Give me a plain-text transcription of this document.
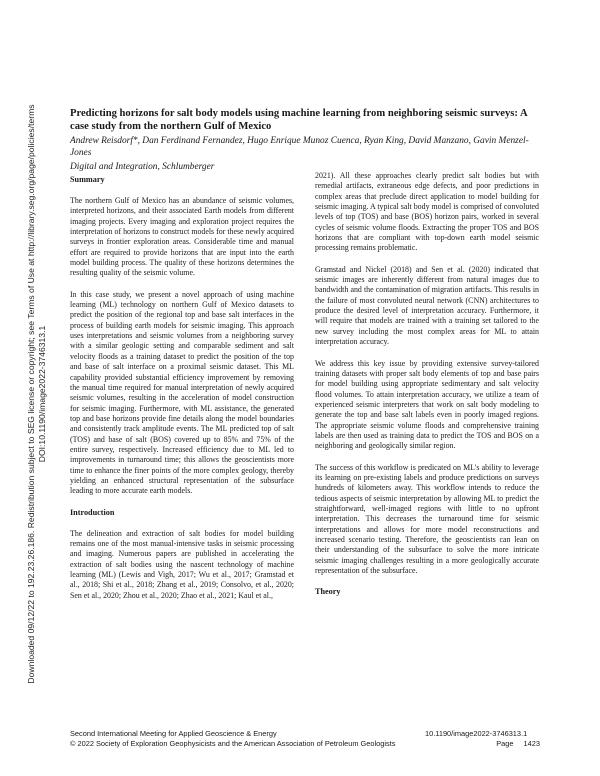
Downloaded 09/12/22 to 192.23.26.186. Redistribution subject to SEG license or copyright; see Terms of Use at http://library.seg.org/page/policies/terms DOI:10.1190/image2022-3746313.1

Predicting horizons for salt body models using machine learning from neighboring seismic surveys: A case study from the northern Gulf of Mexico

Andrew Reisdorf*, Dan Ferdinand Fernandez, Hugo Enrique Munoz Cuenca, Ryan King, David Manzano, Gavin Menzel-Jones

Digital and Integration, Schlumberger

Summary

The northern Gulf of Mexico has an abundance of seismic volumes, interpreted horizons, and their associated Earth models from different imaging projects. Every imaging and exploration project requires the interpretation of horizons to construct models for these newly acquired surveys in frontier exploration areas. Considerable time and manual effort are required to provide horizons that are input into the earth model building process. The quality of these horizons determines the resulting quality of the seismic volume.

In this case study, we present a novel approach of using machine learning (ML) technology on northern Gulf of Mexico datasets to predict the position of the regional top and base salt interfaces in the process of building earth models for seismic imaging. This approach uses interpretations and seismic volumes from a neighboring survey with a similar geologic setting and comparable sediment and salt velocity floods as a training dataset to predict the position of the top and base of salt interface on a proximal seismic dataset. This ML capability provided substantial efficiency improvement by removing the manual time required for manual interpretation of newly acquired seismic volumes, resulting in the acceleration of model construction for seismic imaging. Furthermore, with ML assistance, the generated top and base horizons provide fine details along the model boundaries and consistently track amplitude events. The ML predicted top of salt (TOS) and base of salt (BOS) covered up to 85% and 75% of the entire survey, respectively. Increased efficiency due to ML led to improvements in turnaround time; this allows the geoscientists more time to enhance the finer points of the more complex geology, thereby yielding an enhanced structural representation of the subsurface leading to more accurate earth models.

Introduction

The delineation and extraction of salt bodies for model building remains one of the most manual-intensive tasks in seismic processing and imaging. Numerous papers are published in accelerating the extraction of salt bodies using the nascent technology of machine learning (ML) (Lewis and Vigh, 2017; Wu et al., 2017; Gramstad et al., 2018; Shi et al., 2018; Zhang et al., 2019; Consolvo, et al., 2020; Sen et al., 2020; Zhou et al., 2020; Zhao et al., 2021; Kaul et al.,

2021). All these approaches clearly predict salt bodies but with remedial artifacts, extraneous edge defects, and poor predictions in complex areas that preclude direct application to model building for seismic imaging. A typical salt body model is comprised of convoluted levels of top (TOS) and base (BOS) horizon pairs, worked in several cycles of seismic volume floods. Extracting the proper TOS and BOS horizons that are compliant with top-down earth model seismic processing remains problematic.

Gramstad and Nickel (2018) and Sen et al. (2020) indicated that seismic images are inherently different from natural images due to bandwidth and the contamination of migration artifacts. This results in the failure of most convoluted neural network (CNN) architectures to produce the desired level of interpretation accuracy. Furthermore, it will require that models are trained with a training set tailored to the new survey including the most complex areas for ML to attain interpretation accuracy.

We address this key issue by providing extensive survey-tailored training datasets with proper salt body elements of top and base pairs for model building using appropriate sedimentary and salt velocity flood volumes. To attain interpretation accuracy, we utilize a team of experienced seismic interpreters that work on salt body modeling to generate the top and base salt labels even in poorly imaged regions. The appropriate seismic volume floods and comprehensive training labels are then used as training data to predict the TOS and BOS on a neighboring and geologically similar region.

The success of this workflow is predicated on ML's ability to leverage its learning on pre-existing labels and produce predictions on surveys hundreds of kilometers away. This workflow intends to reduce the tedious aspects of seismic interpretation by allowing ML to predict the straightforward, well-imaged regions with little to no upfront interpretation. This decreases the turnaround time for seismic interpretations and allows for more model reconstructions and increased scenario testing. Therefore, the geoscientists can lean on their understanding of the subsurface to solve the more intricate seismic imaging challenges resulting in a more geologically accurate representation of the subsurface.

Theory
Second International Meeting for Applied Geoscience & Energy
© 2022 Society of Exploration Geophysicists and the American Association of Petroleum Geologists
10.1190/image2022-3746313.1
Page 1423
